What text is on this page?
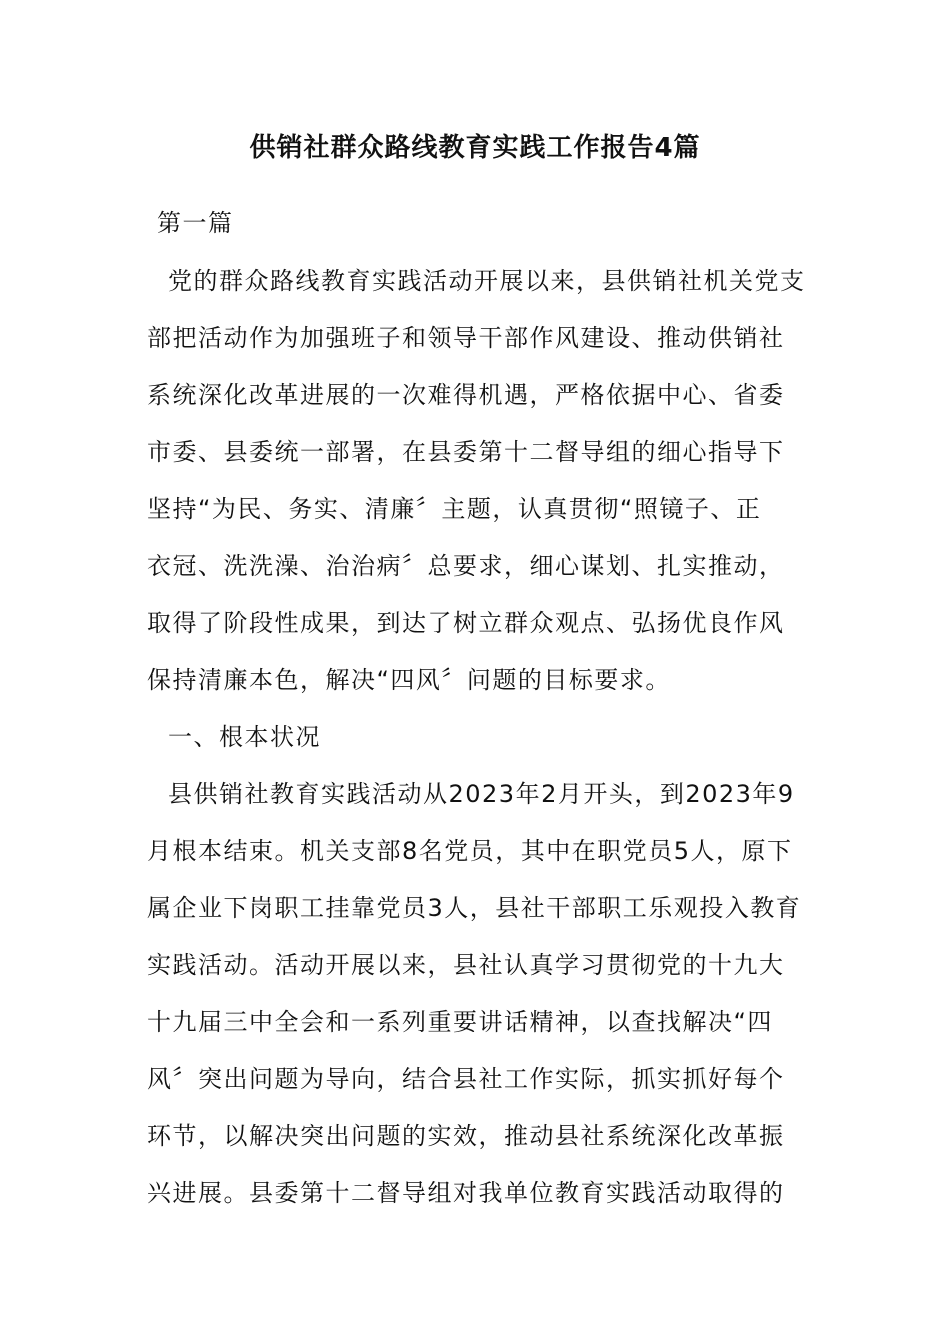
供销社群众路线教育实践工作报告4篇
第一篇
党的群众路线教育实践活动开展以来，县供销社机关党支
部把活动作为加强班子和领导干部作风建设、推动供销社
系统深化改革进展的一次难得机遇，严格依据中心、省委
市委、县委统一部署，在县委第十二督导组的细心指导下
坚持“为民、务实、清廉〞主题，认真贯彻“照镜子、正
衣冠、洗洗澡、治治病〞总要求，细心谋划、扎实推动，
取得了阶段性成果，到达了树立群众观点、弘扬优良作风
保持清廉本色，解决“四风〞问题的目标要求。
一、根本状况
县供销社教育实践活动从2023年2月开头，到2023年9
月根本结束。机关支部8名党员，其中在职党员5人，原下
属企业下岗职工挂靠党员3人，县社干部职工乐观投入教育
实践活动。活动开展以来，县社认真学习贯彻党的十九大
十九届三中全会和一系列重要讲话精神，以查找解决“四
风〞突出问题为导向，结合县社工作实际，抓实抓好每个
环节，以解决突出问题的实效，推动县社系统深化改革振
兴进展。县委第十二督导组对我单位教育实践活动取得的
